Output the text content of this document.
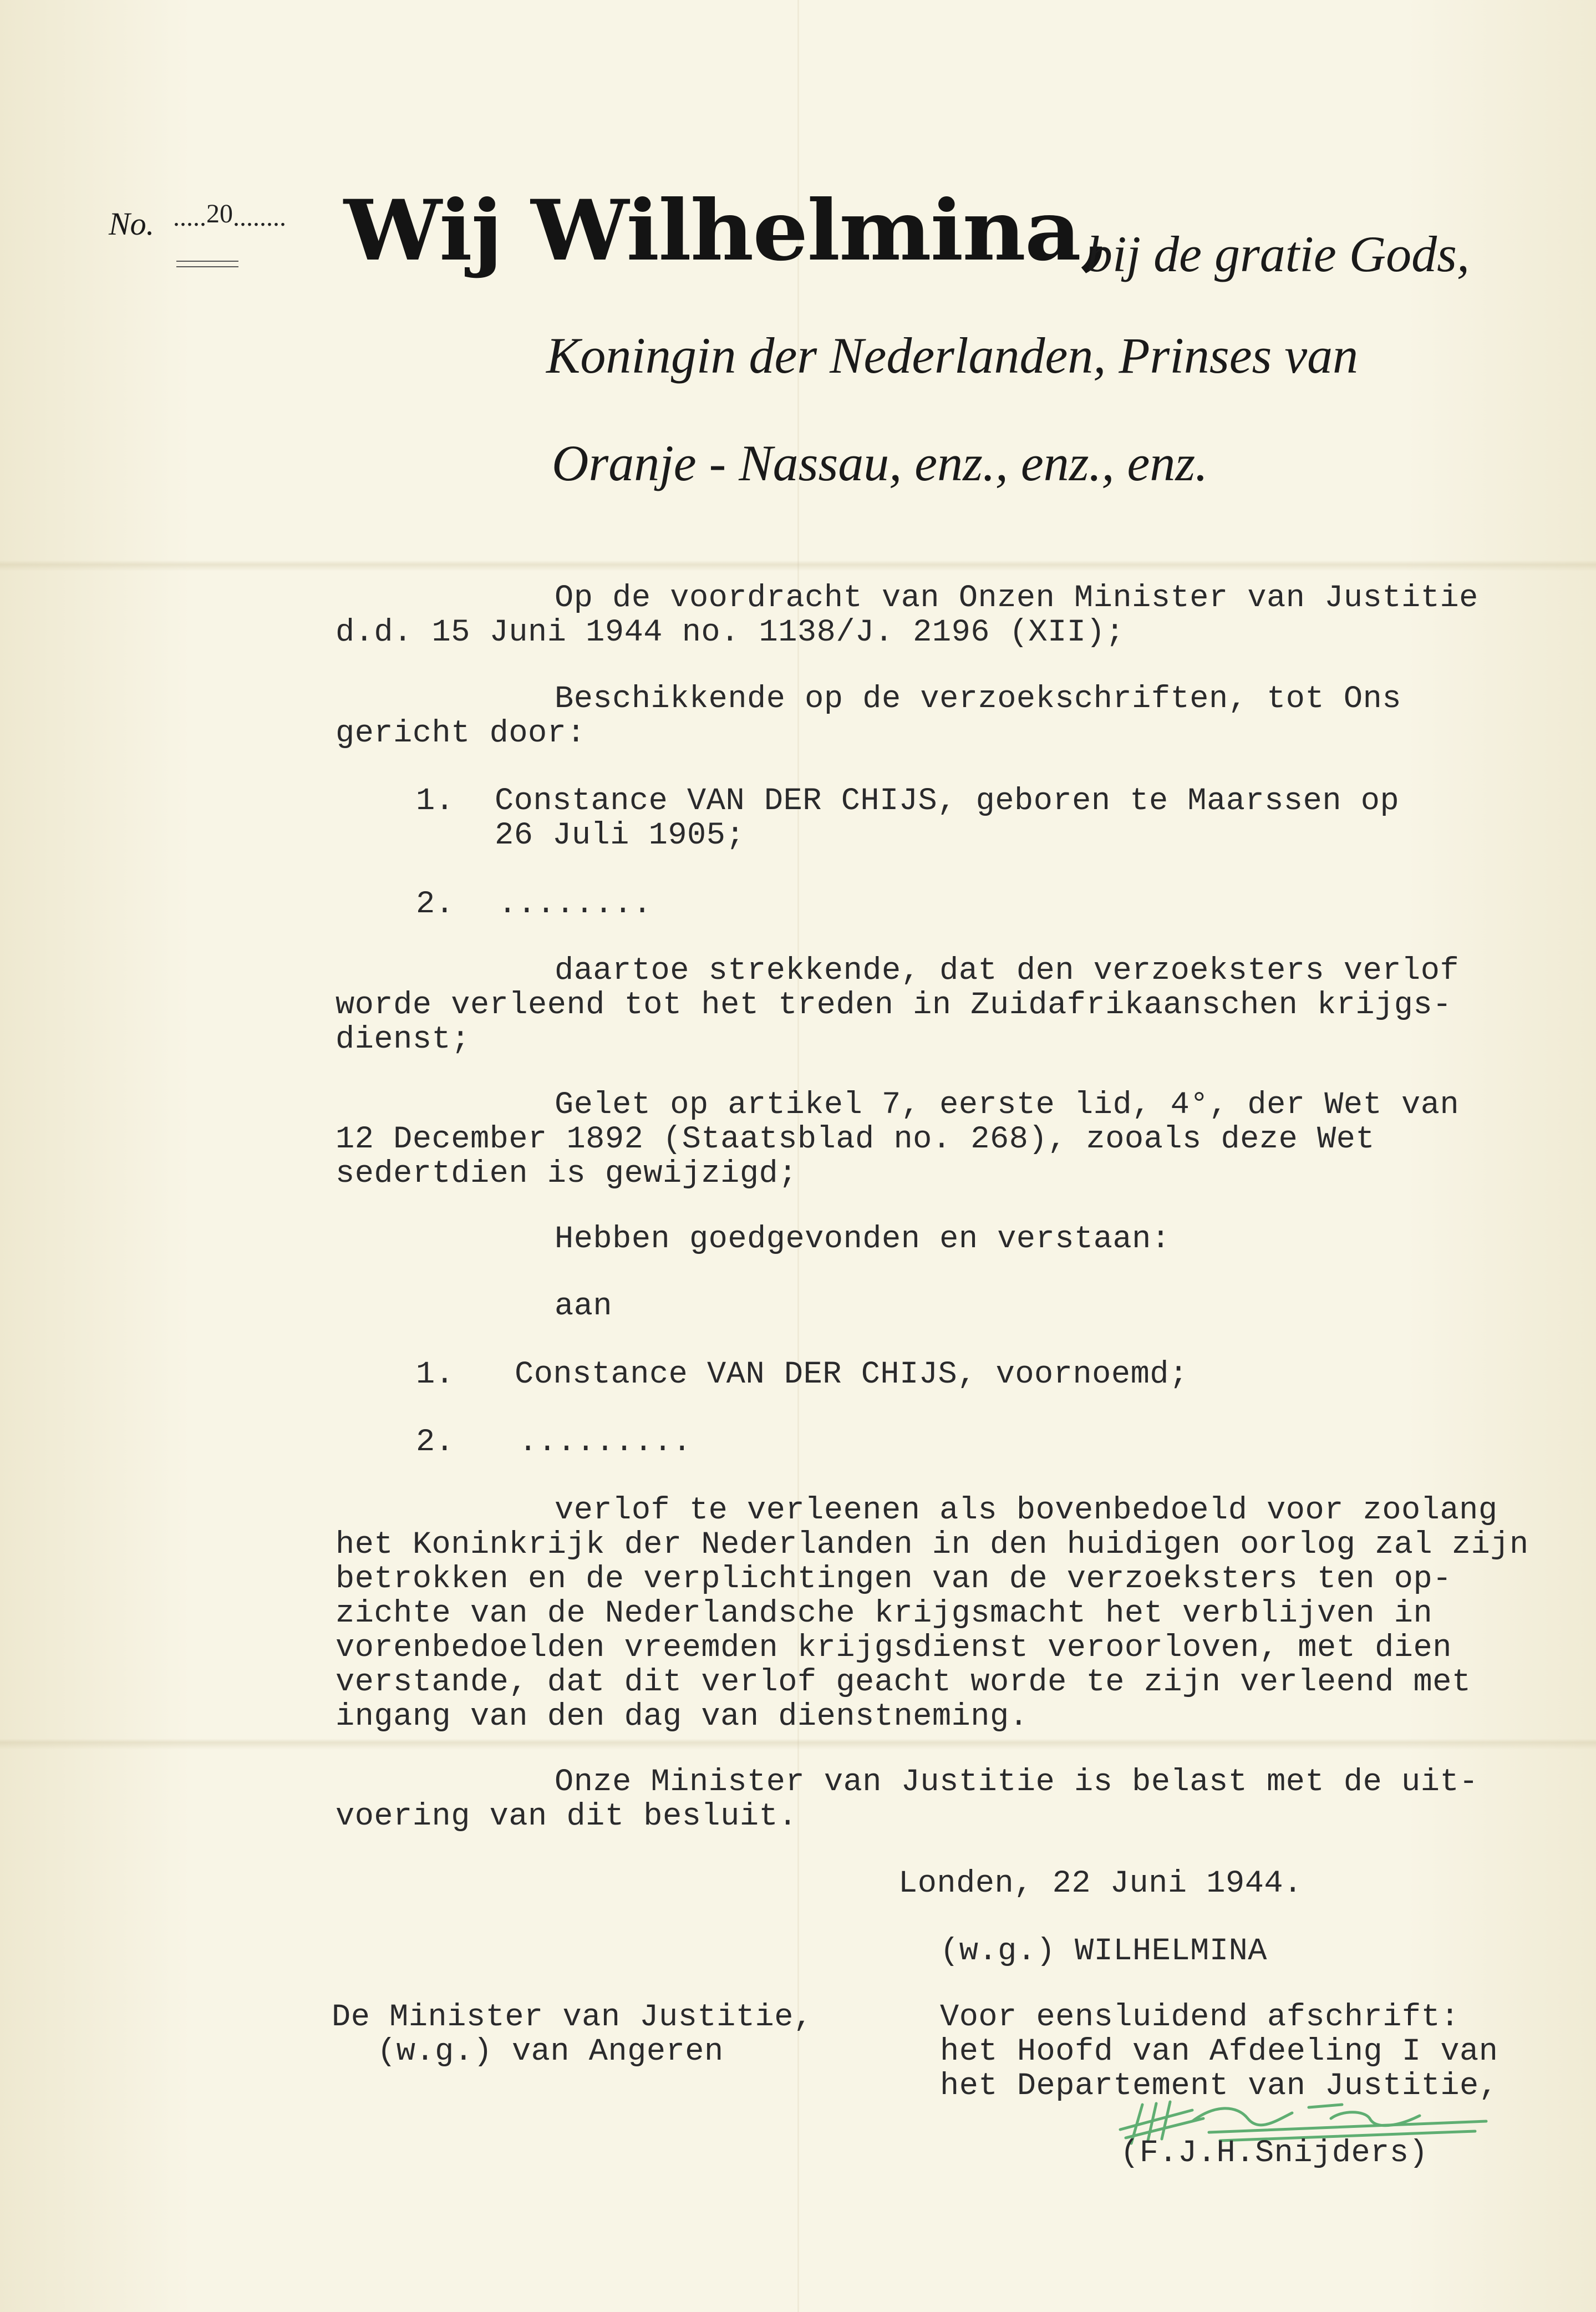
No. .....20........ Wij Wilhelmina,
bij de gratie Gods,
Koningin der Nederlanden, Prinses van
Oranje - Nassau, enz., enz., enz.
Op de voordracht van Onzen Minister van Justitie
d.d. 15 Juni 1944 no. 1138/J. 2196 (XII);
Beschikkende op de verzoekschriften, tot Ons
gericht door:
1. Constance VAN DER CHIJS, geboren te Maarssen op
26 Juli 1905;
2. ........
daartoe strekkende, dat den verzoeksters verlof
worde verleend tot het treden in Zuidafrikaanschen krijgs-
dienst;
Gelet op artikel 7, eerste lid, 4°, der Wet van
12 December 1892 (Staatsblad no. 268), zooals deze Wet
sedertdien is gewijzigd;
Hebben goedgevonden en verstaan:
aan
1. Constance VAN DER CHIJS, voornoemd;
2. .........
verlof te verleenen als bovenbedoeld voor zoolang
het Koninkrijk der Nederlanden in den huidigen oorlog zal zijn
betrokken en de verplichtingen van de verzoeksters ten op-
zichte van de Nederlandsche krijgsmacht het verblijven in
vorenbedoelden vreemden krijgsdienst veroorloven, met dien
verstande, dat dit verlof geacht worde te zijn verleend met
ingang van den dag van dienstneming.
Onze Minister van Justitie is belast met de uit-
voering van dit besluit.
Londen, 22 Juni 1944.
(w.g.) WILHELMINA
De Minister van Justitie,
(w.g.) van Angeren
Voor eensluidend afschrift:
het Hoofd van Afdeeling I van
het Departement van Justitie,
(F.J.H.Snijders)
